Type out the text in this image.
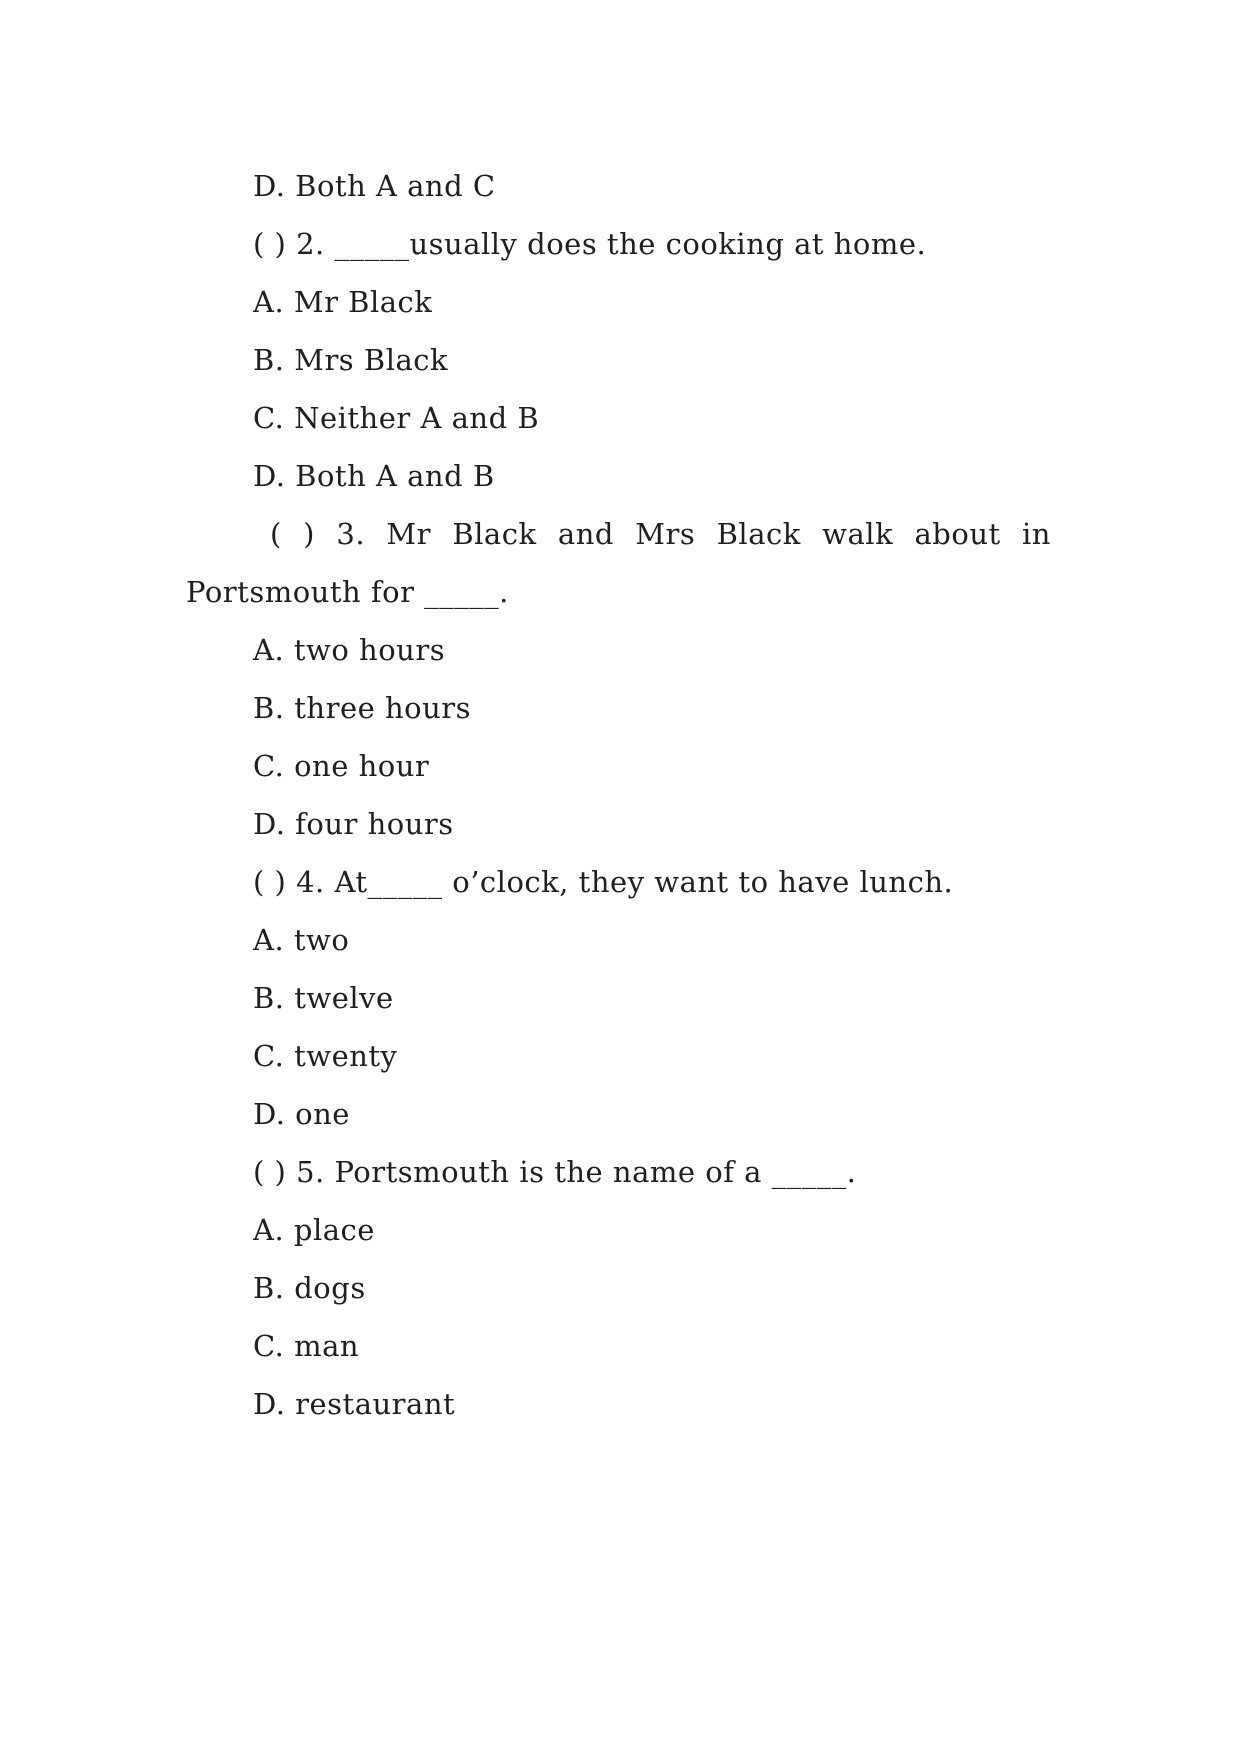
D. Both A and C
( ) 2. _____usually does the cooking at home.
A. Mr Black
B. Mrs Black
C. Neither A and B
D. Both A and B
( ) 3. Mr Black and Mrs Black walk about in
Portsmouth for _____.
A. two hours
B. three hours
C. one hour
D. four hours
( ) 4. At_____ o’clock, they want to have lunch.
A. two
B. twelve
C. twenty
D. one
( ) 5. Portsmouth is the name of a _____.
A. place
B. dogs
C. man
D. restaurant
